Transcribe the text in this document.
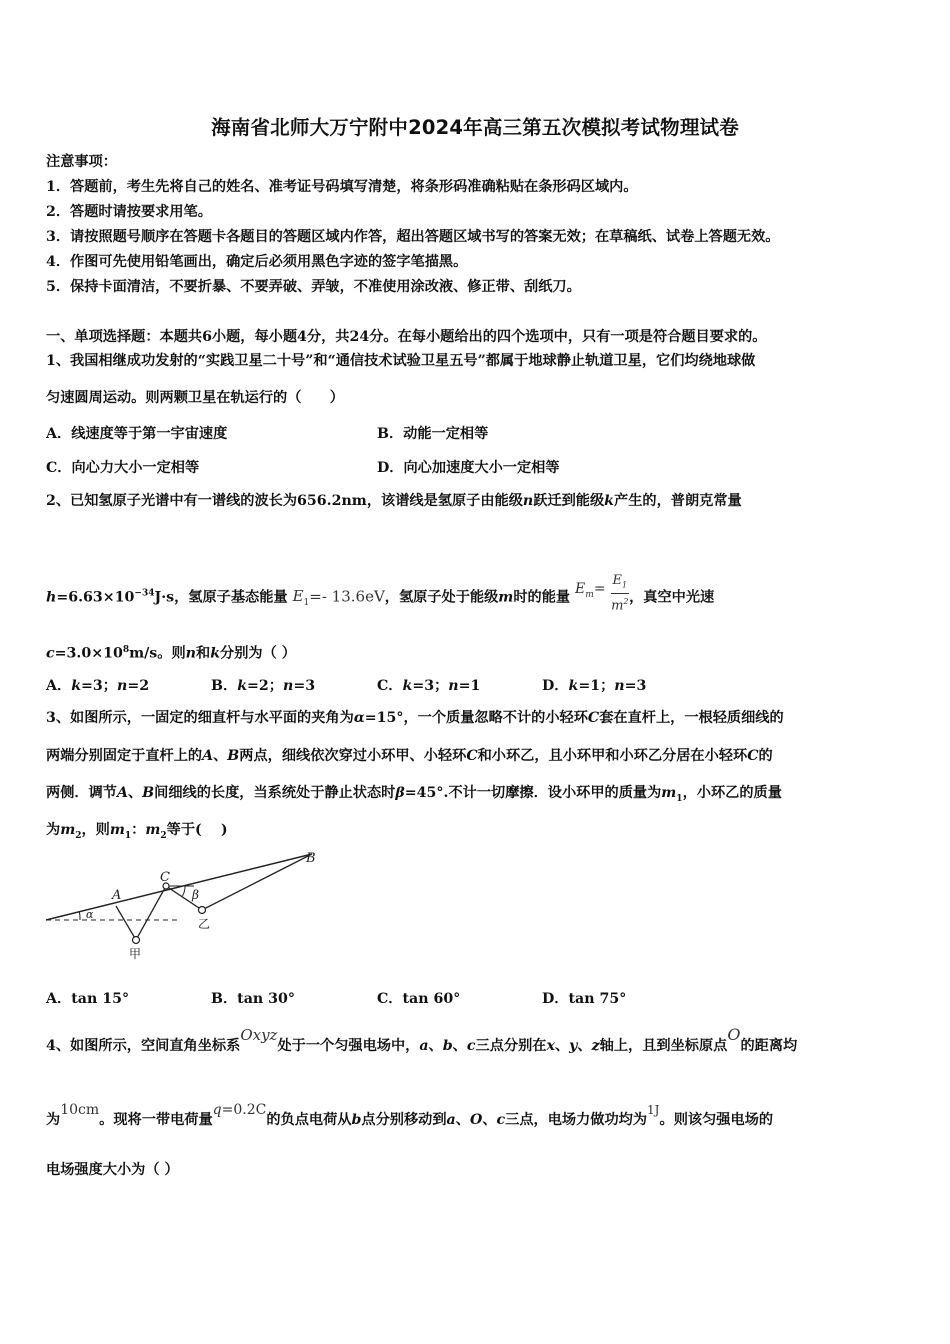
海南省北师大万宁附中2024年高三第五次模拟考试物理试卷
注意事项：
1．答题前，考生先将自己的姓名、准考证号码填写清楚，将条形码准确粘贴在条形码区域内。
2．答题时请按要求用笔。
3．请按照题号顺序在答题卡各题目的答题区域内作答，超出答题区域书写的答案无效；在草稿纸、试卷上答题无效。
4．作图可先使用铅笔画出，确定后必须用黑色字迹的签字笔描黑。
5．保持卡面清洁，不要折暴、不要弄破、弄皱，不准使用涂改液、修正带、刮纸刀。
一、单项选择题：本题共6小题，每小题4分，共24分。在每小题给出的四个选项中，只有一项是符合题目要求的。
1、我国相继成功发射的“实践卫星二十号”和“通信技术试验卫星五号”都属于地球静止轨道卫星，它们均绕地球做
匀速圆周运动。则两颗卫星在轨运行的（　　）
A．线速度等于第一宇宙速度	B．动能一定相等
C．向心力大小一定相等	D．向心加速度大小一定相等
2、已知氢原子光谱中有一谱线的波长为656.2nm，该谱线是氢原子由能级n跃迁到能级k产生的，普朗克常量
$h=6.63\times 10^{-34}J\cdot s$，氢原子基态能量 $E_1=-$ 13.6eV，氢原子处于能级m时的能量 $E_m= \frac{E_1}{m^2}$ ，真空中光速
$c=3.0\times 10^8m/s$。则n和k分别为（ ）
A．k=3；n=2	B．k=2；n=3	C．k=3；n=1	D．k=1；n=3
3、如图所示，一固定的细直杆与水平面的夹角为α=15°，一个质量忽略不计的小轻环C套在直杆上，一根轻质细线的
两端分别固定于直杆上的A、B两点，细线依次穿过小环甲、小轻环C和小环乙，且小环甲和小环乙分居在小轻环C的
两侧．调节A、B间细线的长度，当系统处于静止状态时β=45°.不计一切摩擦．设小环甲的质量为$m_1$，小环乙的质量
为$m_2$，则$m_1$：$m_2$等于(　 )
A
B
C
α
β
甲
乙
A．tan 15°	B．tan 30°	C．tan 60°	D．tan 75°
4、如图所示，空间直角坐标系Oxyz处于一个匀强电场中，a、b、c三点分别在x、y、z轴上，且到坐标原点O的距离均
为10cm。现将一带电荷量q=0.2C的负点电荷从b点分别移动到a、O、c三点，电场力做功均为$^{1J}$。则该匀强电场的
电场强度大小为（ ）
